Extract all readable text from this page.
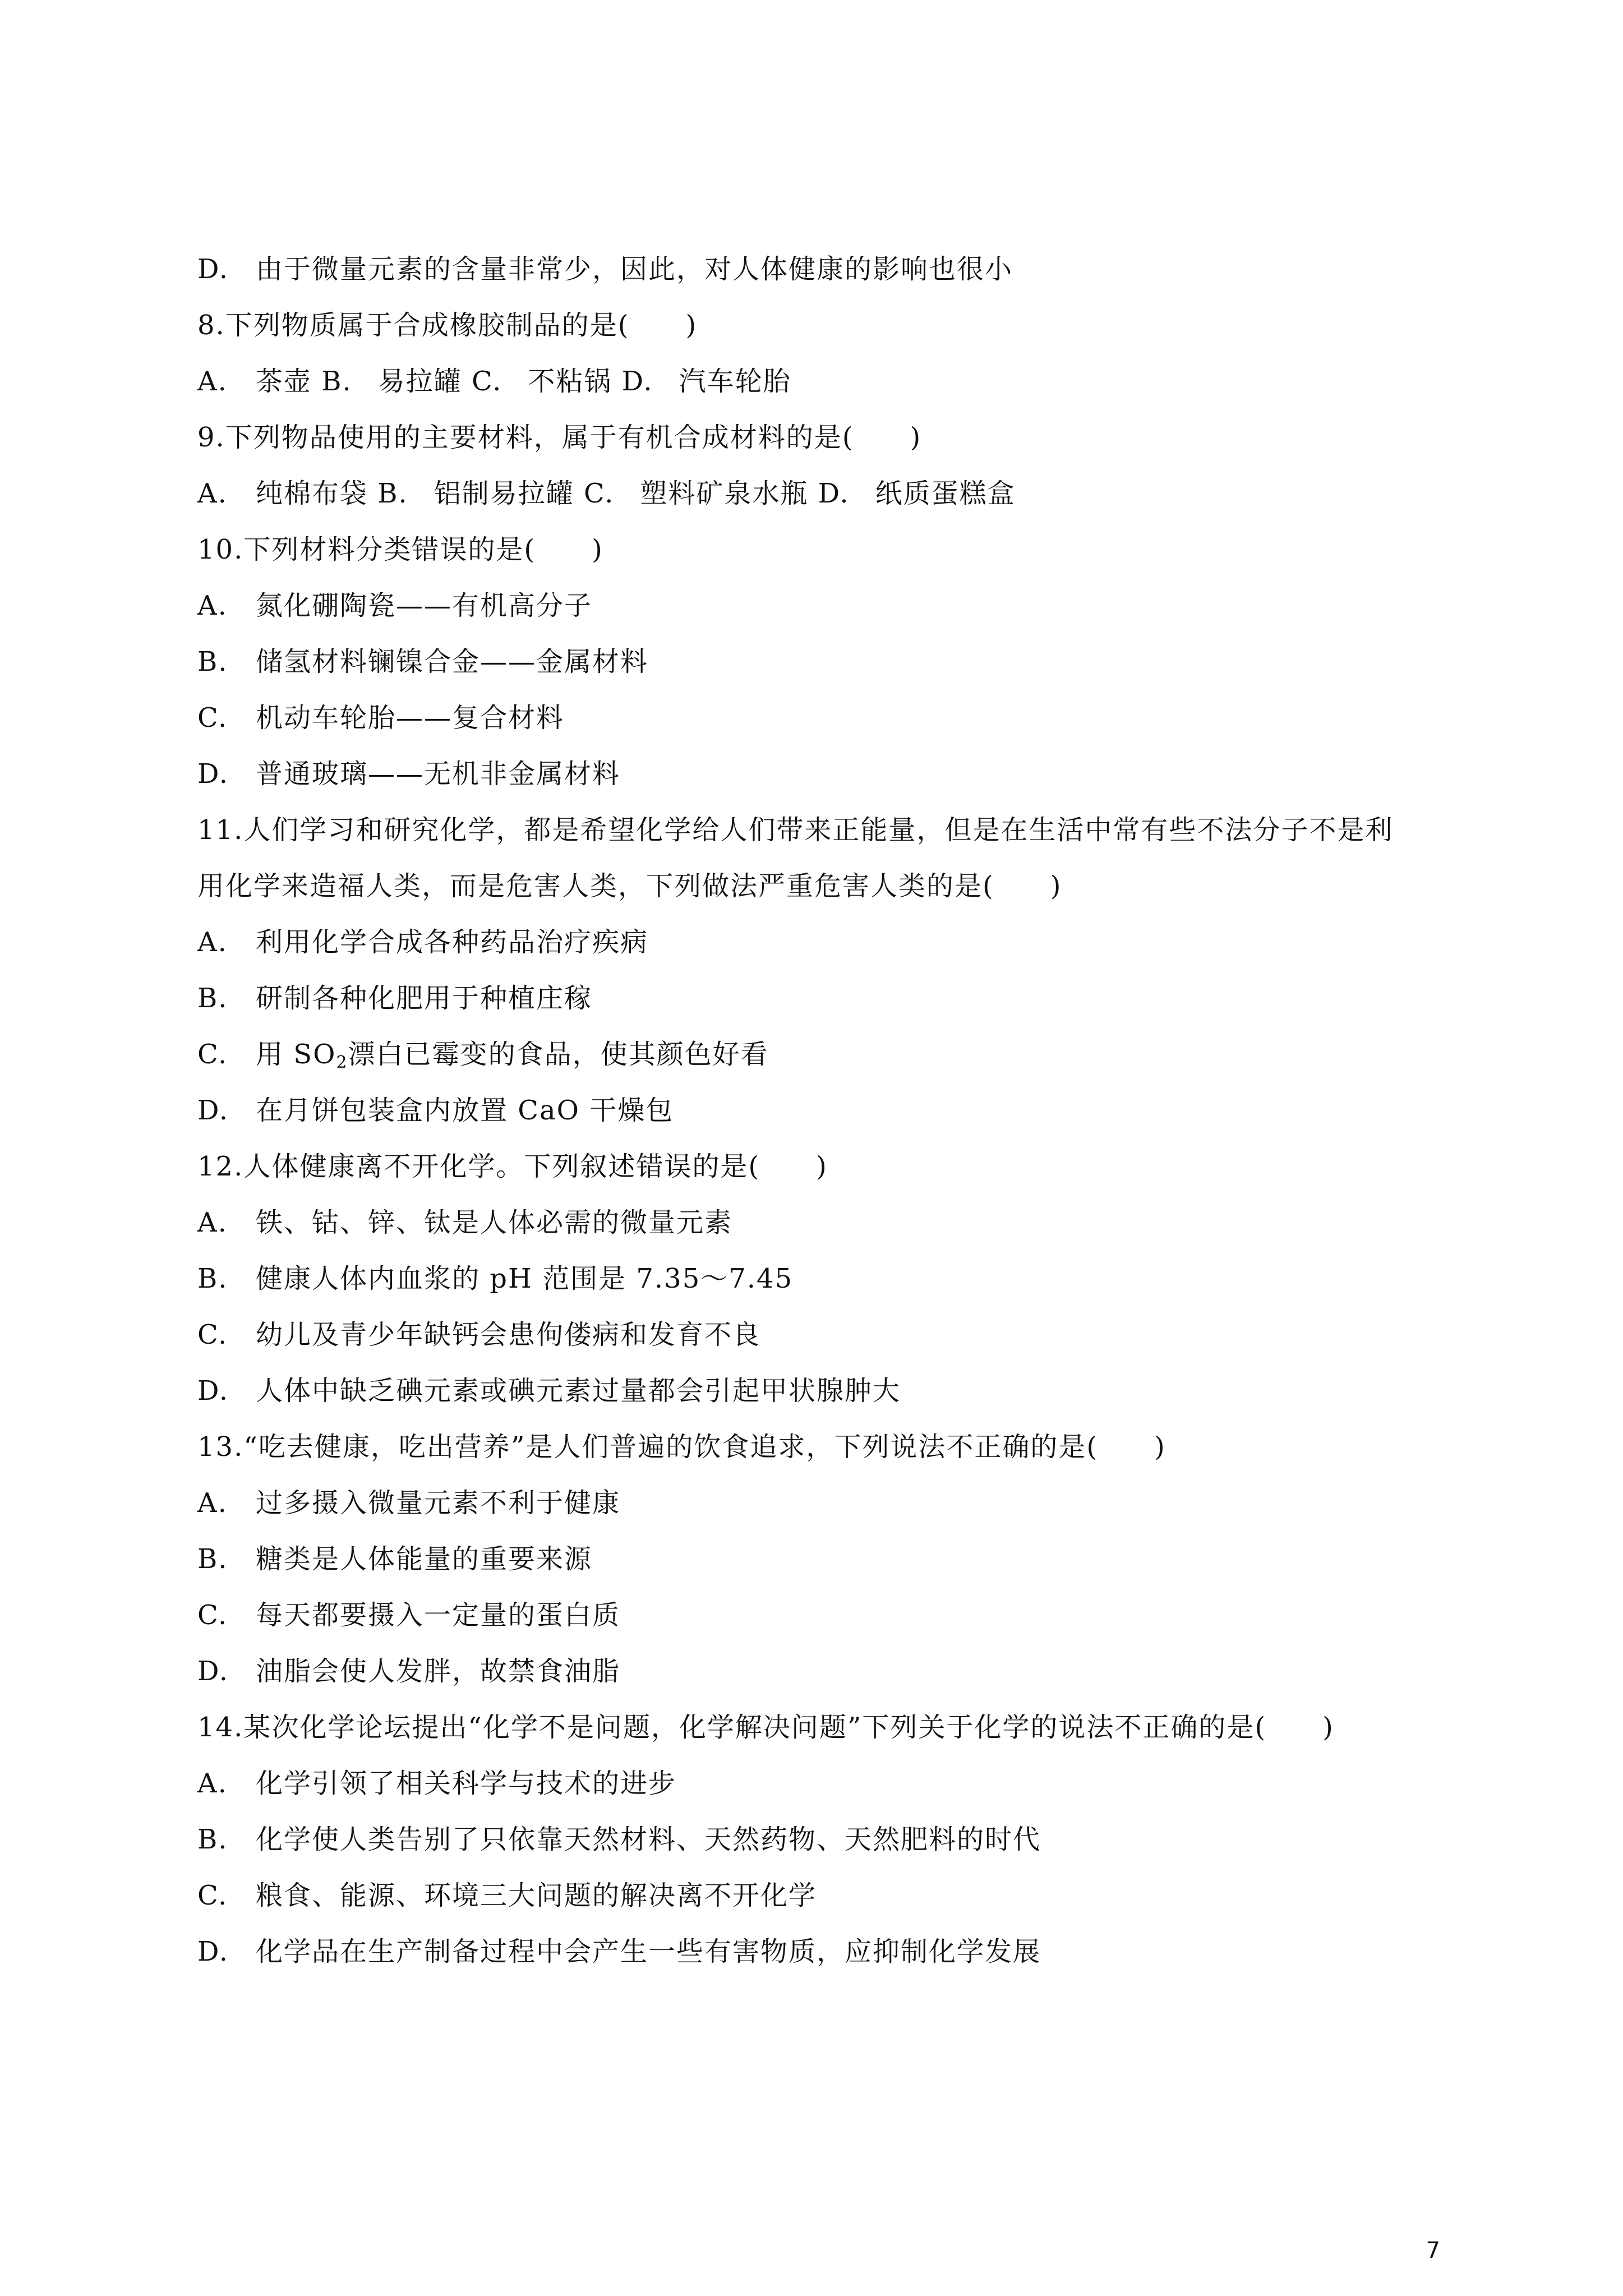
D. 由于微量元素的含量非常少，因此，对人体健康的影响也很小
8.下列物质属于合成橡胶制品的是(　　)
A. 茶壶 B. 易拉罐 C. 不粘锅 D. 汽车轮胎
9.下列物品使用的主要材料，属于有机合成材料的是(　　)
A. 纯棉布袋 B. 铝制易拉罐 C. 塑料矿泉水瓶 D. 纸质蛋糕盒
10.下列材料分类错误的是(　　)
A. 氮化硼陶瓷——有机高分子
B. 储氢材料镧镍合金——金属材料
C. 机动车轮胎——复合材料
D. 普通玻璃——无机非金属材料
11.人们学习和研究化学，都是希望化学给人们带来正能量，但是在生活中常有些不法分子不是利
用化学来造福人类，而是危害人类，下列做法严重危害人类的是(　　)
A. 利用化学合成各种药品治疗疾病
B. 研制各种化肥用于种植庄稼
C. 用 $SO_2$漂白已霉变的食品，使其颜色好看
D. 在月饼包装盒内放置 CaO 干燥包
12.人体健康离不开化学。下列叙述错误的是(　　)
A. 铁、钴、锌、钛是人体必需的微量元素
B. 健康人体内血浆的 pH 范围是 7.35～7.45
C. 幼儿及青少年缺钙会患佝偻病和发育不良
D. 人体中缺乏碘元素或碘元素过量都会引起甲状腺肿大
13.“吃去健康，吃出营养”是人们普遍的饮食追求，下列说法不正确的是(　　)
A. 过多摄入微量元素不利于健康
B. 糖类是人体能量的重要来源
C. 每天都要摄入一定量的蛋白质
D. 油脂会使人发胖，故禁食油脂
14.某次化学论坛提出“化学不是问题，化学解决问题”下列关于化学的说法不正确的是(　　)
A. 化学引领了相关科学与技术的进步
B. 化学使人类告别了只依靠天然材料、天然药物、天然肥料的时代
C. 粮食、能源、环境三大问题的解决离不开化学
D. 化学品在生产制备过程中会产生一些有害物质，应抑制化学发展
7
